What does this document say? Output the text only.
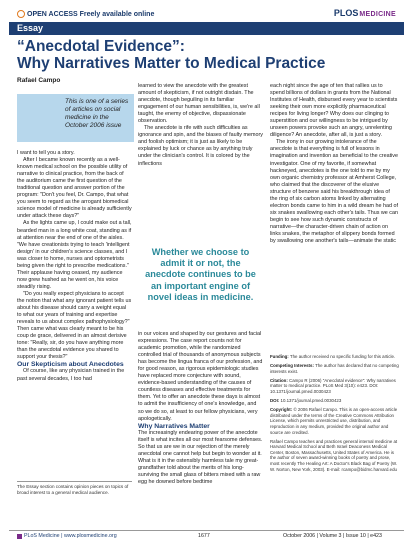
OPEN ACCESS Freely available online	PLOSMEDICINE
Essay
“Anecdotal Evidence”:
Why Narratives Matter to Medical Practice
Rafael Campo
This is one of a series of articles on social medicine in the October 2006 issue

I want to tell you a story.

After I became known recently as a well-known medical school on the possible utility of narrative to clinical practice, from the back of the auditorium came the first question of the traditional question and answer portion of the program: "Don't you feel, Dr. Campo, that what you seem to regard as the arrogant biomedical science model of medicine is already sufficiently under attack these days?"

As the lights came up, I could make out a tall, bearded man in a long white coat, standing as if at attention near the end of one of the aisles. "We have creationists trying to teach 'intelligent design' in our children's science classes, and I was closer to home, nurses and optometrists being given the right to prescribe medications." Their applause having ceased, my audience now grew hushed as he went on, his voice steadily rising.

"Do you really expect physicians to accept the notion that what any ignorant patient tells us about his disease should carry a weight equal to what our years of training and expertise reveals to us about complex pathophysiology?" Then came what was clearly meant to be his coup de grace, delivered in an almost derisive tone: "Really, sir, do you have anything more than the anecdotal evidence you shared to support your thesis?"

Our Skepticism about Anecdotes

Of course, like any physician trained in the past several decades, I too had

The Essay section contains opinion pieces on topics of broad interest to a general medical audience.

learned to view the anecdote with the greatest amount of skepticism, if not outright disdain. The anecdote, though beguiling in its familiar engagement of our human sensibilities, is, we're all taught, the enemy of objective, dispassionate observation.

The anecdote is rife with such difficulties as ignorance and spin, and the biases of faulty memory and foolish optimism; it is just as likely to be explained by luck or chance as by anything truly under the clinician's control. It is colored by the inflections

Whether we choose to admit it or not, the anecdote continues to be an important engine of novel ideas in medicine.

in our voices and shaped by our gestures and facial expressions. The case report counts not for academic promotion, while the randomized controlled trial of thousands of anonymous subjects has become the lingua franca of our profession, and for good reason, as rigorous epidemiologic studies have replaced more conjecture with sound, evidence-based understanding of the causes of countless diseases and effective treatments for them. Yet to offer an anecdote these days is almost to admit the insufficiency of one's knowledge, and so we do so, at least to our fellow physicians, very apologetically.

Why Narratives Matter

The increasingly endearing power of the anecdote itself is what incites all our most fearsome defenses. So that us are we in our rejection of the merely anecdotal one cannot help but begin to wonder at it. What is it in the ostensibly harmless tale my great-grandfather told about the merits of his long-surviving the small glass of bitters mixed with a raw egg he downed before bedtime

each night since the age of ten that rallies us to spend billions of dollars in grants from the National Institutes of Health, disbursed every year to scientists seeking their own more explicitly pharmaceutical recipes for living longer? Why does our clinging to superstition and our willingness to be intrigued by unseen powers provoke such an angry, unrelenting diligence? An anecdote, after all, is just a story.

The irony in our growing intolerance of the anecdote is that everything is full of lessons in imagination and invention as beneficial to the creative investigator. One of my favorite, if somewhat hackneyed, anecdotes is the one told to me by my own organic chemistry professor at Amherst College, who claimed that the discoverer of the elusive structure of benzene said his breakthrough idea of the ring of six carbon atoms linked by alternating electron bonds came to him in a wild dream he had of six snakes swallowing each other's tails. Thus we can begin to see how such dynamic constructs of narrative—the character-driven chain of action on links snakes, the metaphor of slippery bonds formed by swallowing one another's tails—animate the static

Funding: The author received no specific funding for this article.

Competing Interests: The author has declared that no competing interests exist.

Citation: Campo R (2006) "Anecdotal evidence": Why narratives matter to medical practice. PLoS Med 3(10): e423. DOI: 10.1371/journal.pmed.0030423

DOI: 10.1371/journal.pmed.0030423

Copyright: © 2006 Rafael Campo. This is an open-access article distributed under the terms of the Creative Commons Attribution License, which permits unrestricted use, distribution, and reproduction in any medium, provided the original author and source are credited.

Rafael Campo teaches and practices general internal medicine at Harvard Medical School and Beth Israel Deaconess Medical Center, Boston, Massachusetts, United States of America. He is the author of seven award-winning books of poetry and prose, most recently The Healing Art: A Doctor's Black Bag of Poetry (W. W. Norton, New York, 2003). E-mail: rcampo@bidmc.harvard.edu

PLoS Medicine | www.plosmedicine.org	1677	October 2006 | Volume 3 | Issue 10 | e423
